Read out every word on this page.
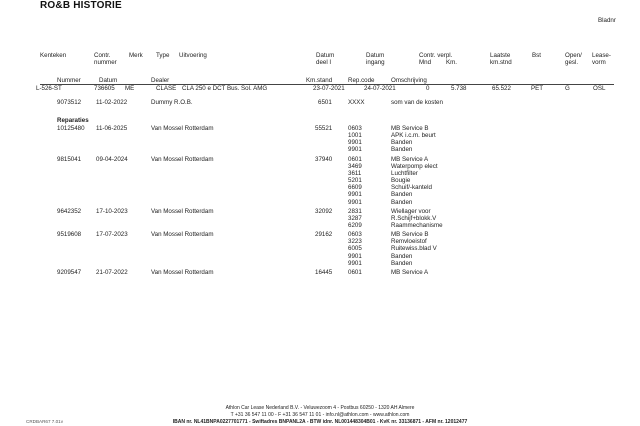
RO&B HISTORIE
Bladnr
Kenteken	Contr.
nummer
Merk Type Uitvoering	Datum
deel I
Datum
ingang
Contr. verpl.
Mnd Km.
Laatste
km.stnd
Bst	Open/
gesl.
Lease-
vorm
Nummer	Datum	Dealer	Km.stand	Rep.code	Omschrijving
L-526-ST	736605 ME	CLASE CLA 250 e DCT Bus. Sol. AMG	23-07-2021	24-07-2021	0	5.738	65.522	PET	G	OSL
9073512 11-02-2022	Dummy R.O.B.	6501	XXXX	som van de kosten
Reparaties
10125480 11-06-2025	Van Mossel Rotterdam	55521	0603	MB Service B
1001	APK i.c.m. beurt
9901	Banden
9901	Banden
9815041 09-04-2024	Van Mossel Rotterdam	37940	0601	MB Service A
3469	Waterpomp elect
3611	Luchtfilter
5201	Bougie
6609	Schuif/-kanteld
9901	Banden
9901	Banden
9642352 17-10-2023	Van Mossel Rotterdam	32092	2831	Wiellager voor
3287	R.Schijf+blokk.V
6209	Raammechanisme
9519608 17-07-2023	Van Mossel Rotterdam	29162	0603	MB Service B
3223	Remvloeistof
6005	Ruitewiss.blad V
9901	Banden
9901	Banden
9209547 21-07-2022	Van Mossel Rotterdam	16445	0601	MB Service A
Athlon Car Lease Nederland B.V. - Veluwezoom 4 - Postbus 60250 - 1320 AH Almere
T +31 36 547 11 00 - F +31 36 547 11 01 - info.nl@athlon.com - www.athlon.com
IBAN nr. NL41BNPA0227701771 - Swiftadres BNPANL2A - BTW idnr. NL001448304B01 - KvK nr. 33136871 - AFM nr. 12012477
CRDBAR67 7.01v
